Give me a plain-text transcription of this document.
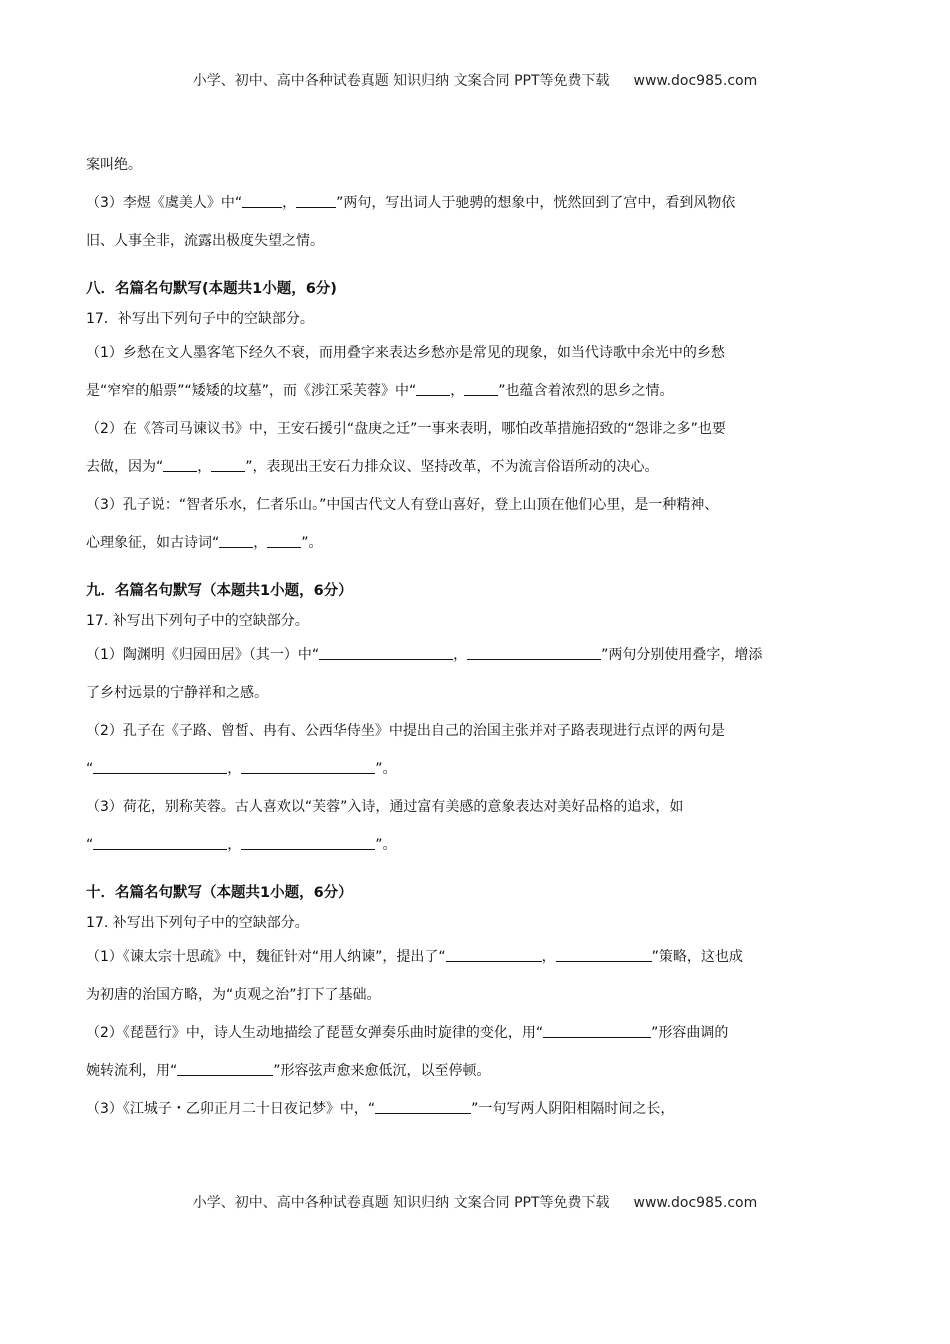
小学、初中、高中各种试卷真题 知识归纳 文案合同 PPT等免费下载 www.doc985.com
案叫绝。
（3）李煜《虞美人》中“	，	”两句，写出词人于驰骋的想象中，恍然回到了宫中，看到风物依
旧、人事全非，流露出极度失望之情。
八．名篇名句默写(本题共1小题，6分)
17．补写出下列句子中的空缺部分。
（1）乡愁在文人墨客笔下经久不衰，而用叠字来表达乡愁亦是常见的现象，如当代诗歌中余光中的乡愁
是“窄窄的船票”“矮矮的坟墓”，而《涉江采芙蓉》中“ ， ”也蕴含着浓烈的思乡之情。
（2）在《答司马谏议书》中，王安石援引“盘庚之迁”一事来表明，哪怕改革措施招致的“怨诽之多”也要
去做，因为“ ， ”，表现出王安石力排众议、坚持改革，不为流言俗语所动的决心。
（3）孔子说：“智者乐水，仁者乐山。”中国古代文人有登山喜好，登上山顶在他们心里，是一种精神、
心理象征，如古诗词“ ， ”。
九．名篇名句默写（本题共1小题，6分）
17. 补写出下列句子中的空缺部分。
（1）陶渊明《归园田居》（其一）中“	，	”两句分别使用叠字，增添
了乡村远景的宁静祥和之感。
（2）孔子在《子路、曾皙、冉有、公西华侍坐》中提出自己的治国主张并对子路表现进行点评的两句是
“	，	”。
（3）荷花，别称芙蓉。古人喜欢以“芙蓉”入诗，通过富有美感的意象表达对美好品格的追求，如
“	，	”。
十．名篇名句默写（本题共1小题，6分）
17. 补写出下列句子中的空缺部分。
（1）《谏太宗十思疏》中，魏征针对“用人纳谏”，提出了“	，	”策略，这也成
为初唐的治国方略，为“贞观之治”打下了基础。
（2）《琵琶行》中，诗人生动地描绘了琵琶女弹奏乐曲时旋律的变化，用“	”形容曲调的
婉转流利，用“	”形容弦声愈来愈低沉，以至停顿。
（3）《江城子・乙卯正月二十日夜记梦》中，“	”一句写两人阴阳相隔时间之长，
小学、初中、高中各种试卷真题 知识归纳 文案合同 PPT等免费下载 www.doc985.com
